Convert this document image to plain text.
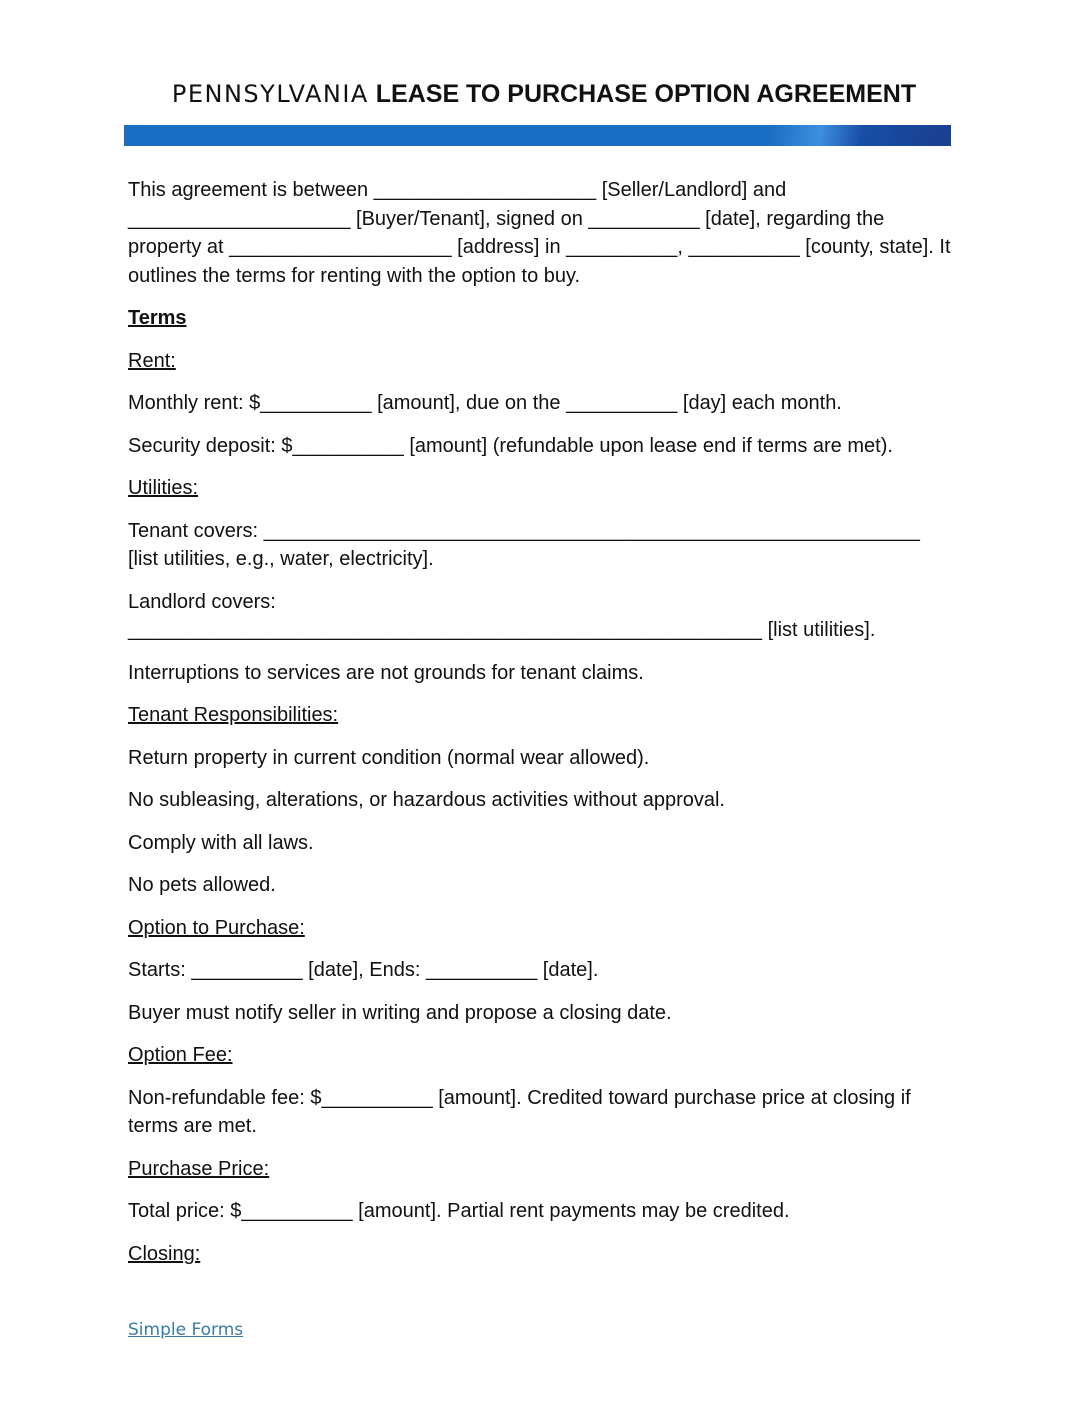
PENNSYLVANIA LEASE TO PURCHASE OPTION AGREEMENT

This agreement is between ____________________ [Seller/Landlord] and ____________________ [Buyer/Tenant], signed on __________ [date], regarding the property at ____________________ [address] in __________, __________ [county, state]. It outlines the terms for renting with the option to buy.

Terms

Rent:

Monthly rent: $__________ [amount], due on the __________ [day] each month.

Security deposit: $__________ [amount] (refundable upon lease end if terms are met).

Utilities:

Tenant covers: ___________________________________________________________ [list utilities, e.g., water, electricity].

Landlord covers:
_________________________________________________________ [list utilities].

Interruptions to services are not grounds for tenant claims.

Tenant Responsibilities:

Return property in current condition (normal wear allowed).

No subleasing, alterations, or hazardous activities without approval.

Comply with all laws.

No pets allowed.

Option to Purchase:

Starts: __________ [date], Ends: __________ [date].

Buyer must notify seller in writing and propose a closing date.

Option Fee:

Non-refundable fee: $__________ [amount]. Credited toward purchase price at closing if terms are met.

Purchase Price:

Total price: $__________ [amount]. Partial rent payments may be credited.

Closing:

Simple Forms
